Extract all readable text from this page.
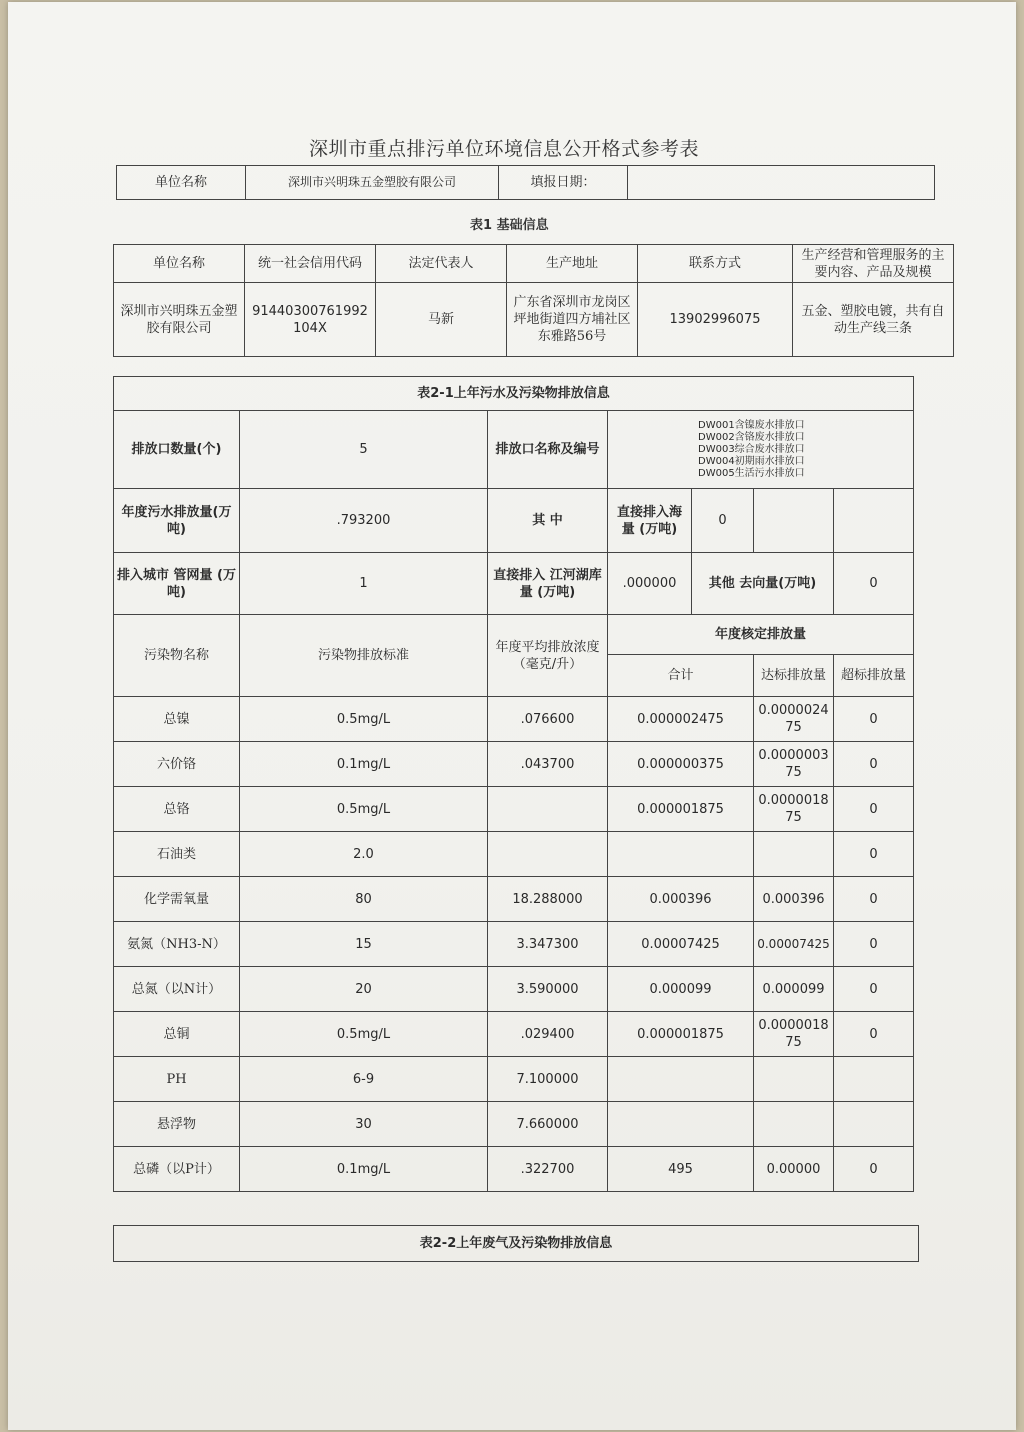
深圳市重点排污单位环境信息公开格式参考表
单位名称	深圳市兴明珠五金塑胶有限公司	填报日期：	
表1 基础信息
单位名称	统一社会信用代码	法定代表人	生产地址	联系方式	生产经营和管理服务的主要内容、产品及规模
深圳市兴明珠五金塑胶有限公司	91440300761992104X	马新	广东省深圳市龙岗区坪地街道四方埔社区东雅路56号	13902996075	五金、塑胶电镀，共有自动生产线三条
表2-1上年污水及污染物排放信息						
排放口数量(个)	5	排放口名称及编号	DW001含镍废水排放口
DW002含铬废水排放口
DW003综合废水排放口
DW004初期雨水排放口
DW005生活污水排放口			

年度污水排放量(万吨)	.793200	其 中	直接排入海量 (万吨)	0		
排入城市 管网量 (万吨)	1	直接排入 江河湖库量 (万吨)	.000000	其他 去向量(万吨)		0
污染物名称	污染物排放标准	年度平均排放浓度（毫克/升）	年度核定排放量			
			合计		达标排放量	超标排放量
总镍	0.5mg/L	.076600	0.000002475		0.000002475	0
六价铬	0.1mg/L	.043700	0.000000375		0.000000375	0
总铬	0.5mg/L		0.000001875		0.000001875	0
石油类	2.0					0
化学需氧量	80	18.288000	0.000396		0.000396	0
氨氮（NH3-N）	15	3.347300	0.00007425		0.00007425	0
总氮（以N计）	20	3.590000	0.000099		0.000099	0
总铜	0.5mg/L	.029400	0.000001875		0.000001875	0
PH	6-9	7.100000				
悬浮物	30	7.660000				
总磷（以P计）	0.1mg/L	.322700	495		0.00000	0
表2-2上年废气及污染物排放信息
